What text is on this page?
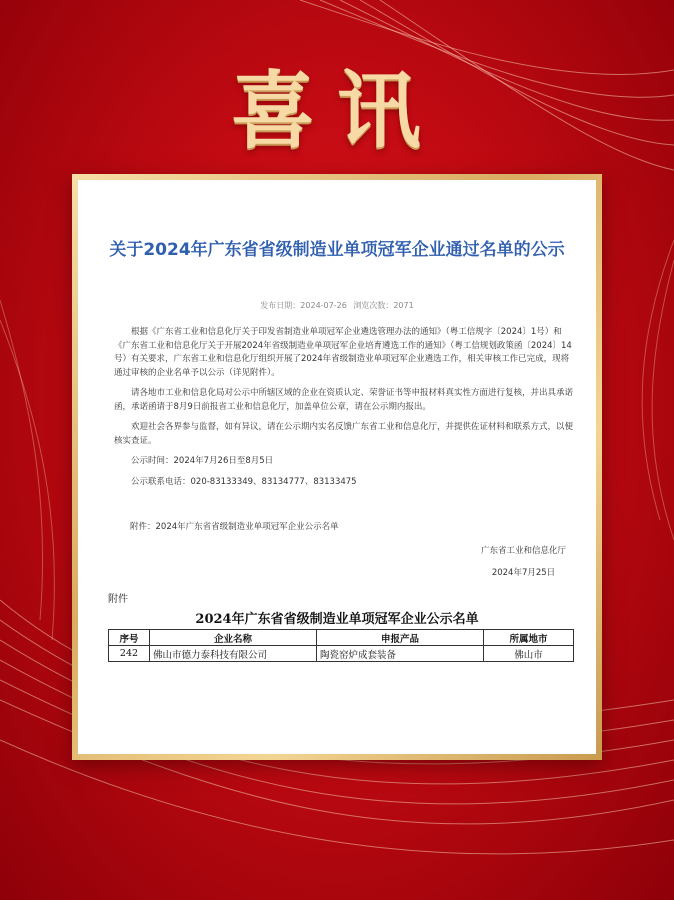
喜讯
关于2024年广东省省级制造业单项冠军企业通过名单的公示
发布日期：2024-07-26 浏览次数：2071

根据《广东省工业和信息化厅关于印发省制造业单项冠军企业遴选管理办法的通知》（粤工信规字〔2024〕1号）和《广东省工业和信息化厅关于开展2024年省级制造业单项冠军企业培育遴选工作的通知》（粤工信规划政策函〔2024〕14号）有关要求，广东省工业和信息化厅组织开展了2024年省级制造业单项冠军企业遴选工作，相关审核工作已完成，现将通过审核的企业名单予以公示（详见附件）。

请各地市工业和信息化局对公示中所辖区域的企业在资质认定、荣誉证书等申报材料真实性方面进行复核，并出具承诺函，承诺函请于8月9日前报省工业和信息化厅，加盖单位公章，请在公示期内报出。

欢迎社会各界参与监督，如有异议，请在公示期内实名反馈广东省工业和信息化厅，并提供佐证材料和联系方式，以便核实查证。

公示时间：2024年7月26日至8月5日

公示联系电话：020-83133349、83134777、83133475

附件：2024年广东省省级制造业单项冠军企业公示名单
广东省工业和信息化厅
2024年7月25日
附件
2024年广东省省级制造业单项冠军企业公示名单
序号	企业名称	申报产品	所属地市
242	佛山市德力泰科技有限公司	陶瓷窑炉成套装备	佛山市
